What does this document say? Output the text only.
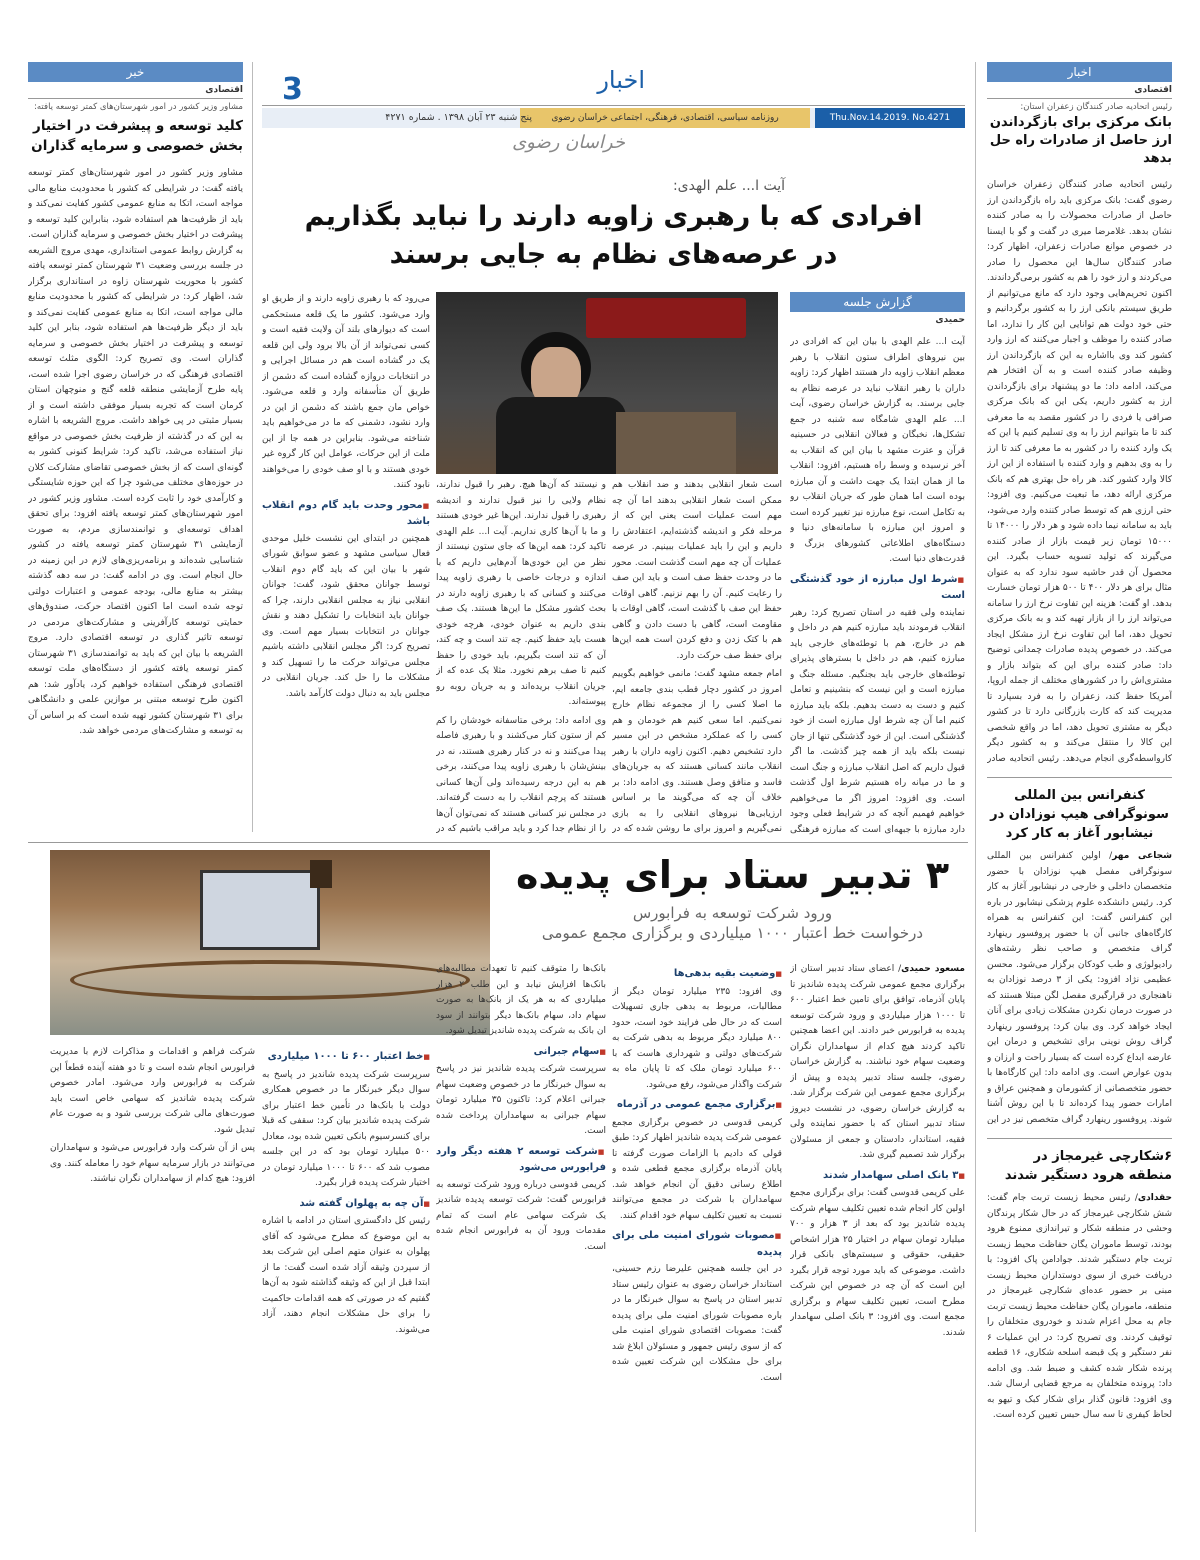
اخبار
اقتصادی
رئیس اتحادیه صادر کنندگان زعفران استان:
بانک مرکزی برای بازگرداندن ارز حاصل از صادرات راه حل بدهد
رئیس اتحادیه صادر کنندگان زعفران خراسان رضوی گفت: بانک مرکزی باید راه بازگرداندن ارز حاصل از صادرات محصولات را به صادر کننده نشان بدهد. غلامرضا میری در گفت و گو با ایسنا در خصوص موانع صادرات زعفران، اظهار کرد: صادر کنندگان سال‌ها این محصول را صادر می‌کردند و ارز خود را هم به کشور برمی‌گرداندند. اکنون تحریم‌هایی وجود دارد که مانع می‌توانیم از طریق سیستم بانکی ارز را به کشور برگردانیم و حتی خود دولت هم توانایی این کار را ندارد، اما صادر کننده را موظف و اجبار می‌کنند که ارز وارد کشور کند وی بااشاره به این که بازگرداندن ارز وظیفه صادر کننده است و به آن افتخار هم می‌کند، ادامه داد: ما دو پیشنهاد برای بازگرداندن ارز به کشور داریم، یکی این که بانک مرکزی صرافی یا فردی را در کشور مقصد به ما معرفی کند تا ما بتوانیم ارز را به وی تسلیم کنیم یا این که یک وارد کننده را در کشور به ما معرفی کند تا ارز را به وی بدهیم و وارد کننده با استفاده از این ارز کالا وارد کشور کند. هر راه حل بهتری هم که بانک مرکزی ارائه دهد، ما تبعیت می‌کنیم. وی افزود: حتی ارزی هم که توسط صادر کننده وارد می‌شود، باید به سامانه نیما داده شود و هر دلار را ۱۴۰۰۰ تا ۱۵۰۰۰ تومان زیر قیمت بازار از صادر کننده می‌گیرند که تولید تسویه حساب بگیرد. این محصول آن قدر حاشیه سود ندارد که به عنوان مثال برای هر دلار ۴۰۰ تا ۵۰۰ هزار تومان خسارت بدهد. او گفت: هزینه این تفاوت نرخ ارز را سامانه می‌تواند ارز را از بازار تهیه کند و به بانک مرکزی تحویل دهد، اما این تفاوت نرخ ارز مشکل ایجاد می‌کند. در خصوص پدیده صادرات چمدانی توضیح داد: صادر کننده برای این که بتواند بازار و مشتری‌اش را در کشورهای مختلف از جمله اروپا، آمریکا حفظ کند، زعفران را به فرد بسپارد تا مدیریت کند که کارت بازرگانی دارد تا در کشور دیگر به مشتری تحویل دهد، اما در واقع شخصی این کالا را منتقل می‌کند و به کشور دیگر کارواسطه‌گری انجام می‌دهد. رئیس اتحادیه صادر
کنفرانس بین المللی سونوگرافی هیپ نوزادان در نیشابور آغاز به کار کرد
شجاعی مهر/ اولین کنفرانس بین المللی سونوگرافی مفصل هیپ نوزادان با حضور متخصصان داخلی و خارجی در نیشابور آغاز به کار کرد. رئیس دانشکده علوم پزشکی نیشابور در باره این کنفرانس گفت: این کنفرانس به همراه کارگاه‌های جانبی آن با حضور پروفسور رینهارد گراف متخصص و صاحب نظر رشته‌های رادیولوژی و طب کودکان برگزار می‌شود. محسن عظیمی نژاد افزود: یکی از ۳ درصد نوزادان به ناهنجاری در قرارگیری مفصل لگن مبتلا هستند که در صورت درمان نکردن مشکلات زیادی برای آنان ایجاد خواهد کرد. وی بیان کرد: پروفسور رینهارد گراف روش نوینی برای تشخیص و درمان این عارضه ابداع کرده است که بسیار راحت و ارزان و بدون عوارض است. وی ادامه داد: این کارگاه‌ها با حضور متخصصانی از کشورمان و همچنین عراق و امارات حضور پیدا کرده‌اند تا با این روش آشنا شوند. پروفسور رینهارد گراف متخصص نیز در این
۶شکارچی غیرمجاز در منطقه هرود دستگیر شدند
حقدادی/ رئیس محیط زیست تربت جام گفت: شش شکارچی غیرمجاز که در حال شکار پرندگان وحشی در منطقه شکار و تیراندازی ممنوع هرود بودند، توسط ماموران یگان حفاظت محیط زیست تربت جام دستگیر شدند. جوادامن پاک افزود: با دریافت خبری از سوی دوستداران محیط زیست مبنی بر حضور عده‌ای شکارچی غیرمجاز در منطقه، ماموران یگان حفاظت محیط زیست تربت جام به محل اعزام شدند و خودروی متخلفان را توقیف کردند. وی تصریح کرد: در این عملیات ۶ نفر دستگیر و یک قبضه اسلحه شکاری، ۱۶ قطعه پرنده شکار شده کشف و ضبط شد. وی ادامه داد: پرونده متخلفان به مرجع قضایی ارسال شد. وی افزود: قانون گذار برای شکار کبک و تیهو به لحاظ کیفری تا سه سال حبس تعیین کرده است.
اخبار
3
روزنامه سیاسی، اقتصادی، فرهنگی، اجتماعی خراسان رضوی	Thu.Nov.14.2019. No.4271
پنج شنبه ۲۳ آبان ۱۳۹۸ . شماره ۴۲۷۱
خراسان رضوی
آیت ا... علم الهدی:
افرادی که با رهبری زاویه دارند را نباید بگذاریم
در عرصه‌های نظام به جایی برسند
گزارش جلسه
حمیدی

آیت ا... علم الهدی با بیان این که افرادی در بین نیروهای اطراف ستون انقلاب با رهبر معظم انقلاب زاویه دار هستند اظهار کرد: زاویه داران با رهبر انقلاب نباید در عرصه نظام به جایی برسند. به گزارش خراسان رضوی، آیت ا... علم الهدی شامگاه سه شنبه در جمع تشکل‌ها، نخبگان و فعالان انقلابی در حسینیه قرآن و عترت مشهد با بیان این که انقلاب به آخر نرسیده و وسط راه هستیم، افزود: انقلاب ما از همان ابتدا یک جهت داشت و آن مبارزه بوده است اما همان طور که جریان انقلاب رو به تکامل است، نوع مبارزه نیز تغییر کرده است و امروز این مبارزه با سامانه‌های دنیا و دستگاه‌های اطلاعاتی کشورهای بزرگ و قدرت‌های دنیا است.

■ شرط اول مبارزه از خود گذشتگی است

نماینده ولی فقیه در استان تصریح کرد: رهبر انقلاب فرمودند باید مبارزه کنیم هم در داخل و هم در خارج، هم با توطئه‌های خارجی باید مبارزه کنیم، هم در داخل با بسترهای پذیرای توطئه‌های خارجی باید بجنگیم. مسئله جنگ و مبارزه است و این نیست که بنشینیم و تعامل کنیم و دست به دست بدهیم. بلکه باید مبارزه کنیم اما آن چه شرط اول مبارزه است از خود گذشتگی است. این از خود گذشتگی تنها از جان نیست بلکه باید از همه چیز گذشت. ما اگر قبول داریم که اصل انقلاب مبارزه و جنگ است و ما در میانه راه هستیم شرط اول گذشت است. وی افزود: امروز اگر ما می‌خواهیم خواهیم فهمیم آنچه که در شرایط فعلی وجود دارد مبارزه با جبهه‌ای است که مبارزه فرهنگی

است شعار انقلابی بدهند و ضد انقلاب هم ممکن است شعار انقلابی بدهند اما آن چه مهم است عملیات است یعنی این که از مرحله فکر و اندیشه گذشته‌ایم، اعتقادش را داریم و این را باید عملیات ببینیم. در عرصه عملیات آن چه مهم است گذشت است. محور ما در وحدت حفظ صف است و باید این صف را رعایت کنیم. آن را بهم نزنیم. گاهی اوقات حفظ این صف با گذشت است، گاهی اوقات با مقاومت است، گاهی با دست دادن و گاهی هم با کتک زدن و دفع کردن است همه این‌ها برای حفظ صف حرکت دارد.

امام جمعه مشهد گفت: مانمی خواهیم بگوییم امروز در کشور دچار قطب بندی جامعه ایم، ما اصلا کسی را از مجموعه نظام خارج نمی‌کنیم. اما سعی کنیم هم خودمان و هم کسی را که عملکرد مشخص در این مسیر دارد تشخیص دهیم. اکنون زاویه داران با رهبر انقلاب مانند کسانی هستند که به جریان‌های فاسد و منافق وصل هستند. وی ادامه داد: بر خلاف آن چه که می‌گویند ما بر اساس ارزیابی‌ها نیروهای انقلابی را به بازی نمی‌گیریم و امروز برای ما روشن شده که در

و نیستند که آن‌ها هیچ. رهبر را قبول ندارند، نظام ولایی را نیز قبول ندارند و اندیشه رهبری را قبول ندارند. این‌ها غیر خودی هستند و ما با آن‌ها کاری نداریم. آیت ا... علم الهدی تاکید کرد: همه این‌ها که جای ستون نیستند از نظر من این خودی‌ها آدم‌هایی داریم که با اندازه و درجات خاصی با رهبری زاویه پیدا می‌کنند و کسانی که با رهبری زاویه دارند در بحث کشور مشکل ما این‌ها هستند. یک صف بندی داریم به عنوان خودی، هرچه خودی هست باید حفظ کنیم. چه تند است و چه کند، آن که تند است بگیریم، باید خودی را حفظ کنیم تا صف برهم نخورد. مثلا یک عده که از جریان انقلاب بریده‌اند و به جریان روبه رو پیوسته‌اند.

وی ادامه داد: برخی متاسفانه خودشان را کم کم از ستون کنار می‌کشند و با رهبری فاصله پیدا می‌کنند و نه در کنار رهبری هستند، نه در بینش‌شان با رهبری زاویه پیدا می‌کنند، برخی هم به این درجه رسیده‌اند ولی آن‌ها کسانی هستند که پرچم انقلاب را به دست گرفته‌اند. در مجلس نیز کسانی هستند که نمی‌توان آن‌ها را از نظام جدا کرد و باید مراقب باشیم که در

می‌رود که با رهبری زاویه دارند و از طریق او وارد می‌شود. کشور ما یک قلعه مستحکمی است که دیوارهای بلند آن ولایت فقیه است و کسی نمی‌تواند از آن بالا برود ولی این قلعه یک در گشاده است هم در مسائل اجرایی و در انتخابات دروازه گشاده است که دشمن از طریق آن متأسفانه وارد و قلعه می‌شود. خواص مان جمع باشند که دشمن از این در وارد نشود، دشمنی که ما در می‌خواهیم باید شناخته می‌شود. بنابراین در همه جا از این ملت از این حرکات، عوامل این کار گروه غیر خودی هستند و با او صف خودی را می‌خواهند نابود کنند.

■ محور وحدت باید گام دوم انقلاب باشد

همچنین در ابتدای این نشست خلیل موحدی فعال سیاسی مشهد و عضو سوابق شورای شهر با بیان این که باید گام دوم انقلاب توسط جوانان محقق شود، گفت: جوانان انقلابی نیاز به مجلس انقلابی دارند، چرا که جوانان باید انتخابات را تشکیل دهند و نقش جوانان در انتخابات بسیار مهم است. وی تصریح کرد: اگر مجلس انقلابی داشته باشیم مجلس می‌تواند حرکت ما را تسهیل کند و مشکلات ما را حل کند. جریان انقلابی در مجلس باید به دنبال دولت کارآمد باشد.

خبر
اقتصادی
مشاور وزیر کشور در امور شهرستان‌های کمتر توسعه یافته:
کلید توسعه و پیشرفت در اختیار بخش خصوصی و سرمایه گذاران
مشاور وزیر کشور در امور شهرستان‌های کمتر توسعه یافته گفت: در شرایطی که کشور با محدودیت منابع مالی مواجه است، اتکا به منابع عمومی کشور کفایت نمی‌کند و باید از ظرفیت‌ها هم استفاده شود، بنابراین کلید توسعه و پیشرفت در اختیار بخش خصوصی و سرمایه گذاران است. به گزارش روابط عمومی استانداری، مهدی مروج الشریعه در جلسه بررسی وضعیت ۳۱ شهرستان کمتر توسعه یافته کشور با محوریت شهرستان زاوه در استانداری برگزار شد، اظهار کرد: در شرایطی که کشور با محدودیت منابع مالی مواجه است، اتکا به منابع عمومی کفایت نمی‌کند و باید از دیگر ظرفیت‌ها هم استفاده شود، بنابر این کلید توسعه و پیشرفت در اختیار بخش خصوصی و سرمایه گذاران است. وی تصریح کرد: الگوی مثلث توسعه اقتصادی فرهنگی که در خراسان رضوی اجرا شده است، پایه طرح آزمایشی منطقه قلعه گنج و منوچهان استان کرمان است که تجربه بسیار موفقی داشته است و از بسیار مثبتی در پی خواهد داشت. مروج الشریعه با اشاره به این که در گذشته از ظرفیت بخش خصوصی در مواقع نیاز استفاده می‌شد، تاکید کرد: شرایط کنونی کشور به گونه‌ای است که از بخش خصوصی تقاضای مشارکت کلان در حوزه‌های مختلف می‌شود چرا که این حوزه شایستگی و کارآمدی خود را ثابت کرده است. مشاور وزیر کشور در امور شهرستان‌های کمتر توسعه یافته افزود: برای تحقق اهداف توسعه‌ای و توانمندسازی مردم، به صورت آزمایشی ۳۱ شهرستان کمتر توسعه یافته در کشور شناسایی شده‌اند و برنامه‌ریزی‌های لازم در این زمینه در حال انجام است. وی در ادامه گفت: در سه دهه گذشته بیشتر به منابع مالی، بودجه عمومی و اعتبارات دولتی توجه شده است اما اکنون اقتصاد حرکت، صندوق‌های حمایتی توسعه کارآفرینی و مشارکت‌های مردمی در توسعه تاثیر گذاری در توسعه اقتصادی دارد. مروج الشریعه با بیان این که باید به توانمندسازی ۳۱ شهرستان کمتر توسعه یافته کشور از دستگاه‌های ملت توسعه اقتصادی فرهنگی استفاده خواهیم کرد، یادآور شد: هم اکنون طرح توسعه مبتنی بر موازین علمی و دانشگاهی برای ۳۱ شهرستان کشور تهیه شده است که بر اساس آن به توسعه و مشارکت‌های مردمی خواهد شد.
۳ تدبیر ستاد برای پدیده
ورود شرکت توسعه به فرابورس
درخواست خط اعتبار ۱۰۰۰ میلیاردی و برگزاری مجمع عمومی

مسعود حمیدی/ اعضای ستاد تدبیر استان از برگزاری مجمع عمومی شرکت پدیده شاندیز تا پایان آذرماه، توافق برای تامین خط اعتبار ۶۰۰ تا ۱۰۰۰ هزار میلیاردی و ورود شرکت توسعه پدیده به فرابورس خبر دادند. این اعضا همچنین تاکید کردند هیچ کدام از سهامداران نگران وضعیت سهام خود نباشند. به گزارش خراسان رضوی، جلسه ستاد تدبیر پدیده و پیش از برگزاری مجمع عمومی این شرکت برگزار شد. به گزارش خراسان رضوی، در نشست دیروز ستاد تدبیر استان که با حضور نماینده ولی فقیه، استاندار، دادستان و جمعی از مسئولان برگزار شد تصمیم گیری شد.

■ ۳ بانک اصلی سهامدار شدند

علی کریمی قدوسی گفت: برای برگزاری مجمع اولین کار انجام شده تعیین تکلیف سهام شرکت پدیده شاندیز بود که بعد از ۳ هزار و ۷۰۰ میلیارد تومان سهام در اختیار ۲۵ هزار اشخاص حقیقی، حقوقی و سیستم‌های بانکی قرار داشت. موضوعی که باید مورد توجه قرار بگیرد این است که آن چه در خصوص این شرکت مطرح است، تعیین تکلیف سهام و برگزاری مجمع است. وی افزود: ۳ بانک اصلی سهامدار شدند.

■ وضعیت بقیه بدهی‌ها

وی افزود: ۲۳۵ میلیارد تومان دیگر از مطالبات، مربوط به بدهی جاری تسهیلات است که در حال طی فرایند خود است، حدود ۸۰۰ میلیارد دیگر مربوط به بدهی شرکت به شرکت‌های دولتی و شهرداری هاست که با ۶۰۰ میلیارد تومان ملک که تا پایان ماه به شرکت واگذار می‌شود، رفع می‌شود.

■ برگزاری مجمع عمومی در آذرماه

کریمی قدوسی در خصوص برگزاری مجمع عمومی شرکت پدیده شاندیز اظهار کرد: طبق قولی که دادیم با الزامات صورت گرفته تا پایان آذرماه برگزاری مجمع قطعی شده و اطلاع رسانی دقیق آن انجام خواهد شد. سهامداران با شرکت در مجمع می‌توانند نسبت به تعیین تکلیف سهام خود اقدام کنند.

■ مصوبات شورای امنیت ملی برای پدیده

در این جلسه همچنین علیرضا رزم حسینی، استاندار خراسان رضوی به عنوان رئیس ستاد تدبیر استان در پاسخ به سوال خبرنگار ما در باره مصوبات شورای امنیت ملی برای پدیده گفت: مصوبات اقتصادی شورای امنیت ملی که از سوی رئیس جمهور و مسئولان ابلاغ شد برای حل مشکلات این شرکت تعیین شده است.

بانک‌ها را متوقف کنیم تا تعهدات مطالبه‌های بانک‌ها افزایش نیابد و این طلب ۲ هزار میلیاردی که به هر یک از بانک‌ها به صورت سهام داد، سهام بانک‌ها دیگر بتوانند از سود ان بانک به شرکت پدیده شاندیز تبدیل شود.

■ سهام جبرانی

سرپرست شرکت پدیده شاندیز نیز در پاسخ به سوال خبرنگار ما در خصوص وضعیت سهام جبرانی اعلام کرد: تاکنون ۳۵ میلیارد تومان سهام جبرانی به سهامداران پرداخت شده است.

■ شرکت توسعه ۲ هفته دیگر وارد فرابورس می‌شود

کریمی قدوسی درباره ورود شرکت توسعه به فرابورس گفت: شرکت توسعه پدیده شاندیز یک شرکت سهامی عام است که تمام مقدمات ورود آن به فرابورس انجام شده است.

■ خط اعتبار ۶۰۰ تا ۱۰۰۰ میلیاردی

سرپرست شرکت پدیده شاندیز در پاسخ به سوال دیگر خبرنگار ما در خصوص همکاری دولت با بانک‌ها در تأمین خط اعتبار برای شرکت پدیده شاندیز بیان کرد: سقفی که قبلا برای کنسرسیوم بانکی تعیین شده بود، معادل ۵۰۰ میلیارد تومان بود که در این جلسه مصوب شد که ۶۰۰ تا ۱۰۰۰ میلیارد تومان در اختیار شرکت پدیده قرار بگیرد.

■ آن چه به پهلوان گفته شد

رئیس کل دادگستری استان در ادامه با اشاره به این موضوع که مطرح می‌شود که آقای پهلوان به عنوان متهم اصلی این شرکت بعد از سپردن وثیقه آزاد شده است گفت: ما از ابتدا قبل از این که وثیقه گذاشته شود به آن‌ها گفتیم که در صورتی که همه اقدامات حاکمیت را برای حل مشکلات انجام دهند، آزاد می‌شوند.

شرکت فراهم و اقدامات و مذاکرات لازم با مدیریت فرابورس انجام شده است و تا دو هفته آینده قطعاً این شرکت به فرابورس وارد می‌شود. امادر خصوص شرکت پدیده شاندیز که سهامی خاص است باید صورت‌های مالی شرکت بررسی شود و به صورت عام تبدیل شود.

پس از آن شرکت وارد فرابورس می‌شود و سهامداران می‌توانند در بازار سرمایه سهام خود را معامله کنند. وی افزود: هیچ کدام از سهامداران نگران نباشند.
